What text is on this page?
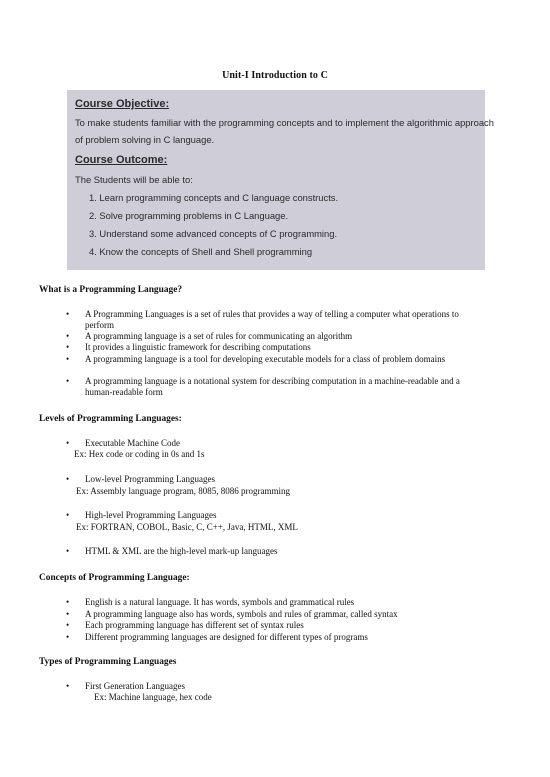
Unit-I Introduction to C
Course Objective:
To make students familiar with the programming concepts and to implement the algorithmic approach
of problem solving in C language.
Course Outcome:
The Students will be able to:
1. Learn programming concepts and C language constructs.
2. Solve programming problems in C Language.
3. Understand some advanced concepts of C programming.
4. Know the concepts of Shell and Shell programming
What is a Programming Language?
• A Programming Languages is a set of rules that provides a way of telling a computer what operations to perform
• A programming language is a set of rules for communicating an algorithm
• It provides a linguistic framework for describing computations
• A programming language is a tool for developing executable models for a class of problem domains
• A programming language is a notational system for describing computation in a machine-readable and a human-readable form
Levels of Programming Languages:
• Executable Machine Code
Ex: Hex code or coding in 0s and 1s
• Low-level Programming Languages
Ex: Assembly language program, 8085, 8086 programming
• High-level Programming Languages
Ex: FORTRAN, COBOL, Basic, C, C++, Java, HTML, XML
• HTML & XML are the high-level mark-up languages
Concepts of Programming Language:
• English is a natural language. It has words, symbols and grammatical rules
• A programming language also has words, symbols and rules of grammar, called syntax
• Each programming language has different set of syntax rules
• Different programming languages are designed for different types of programs
Types of Programming Languages
• First Generation Languages
Ex: Machine language, hex code
